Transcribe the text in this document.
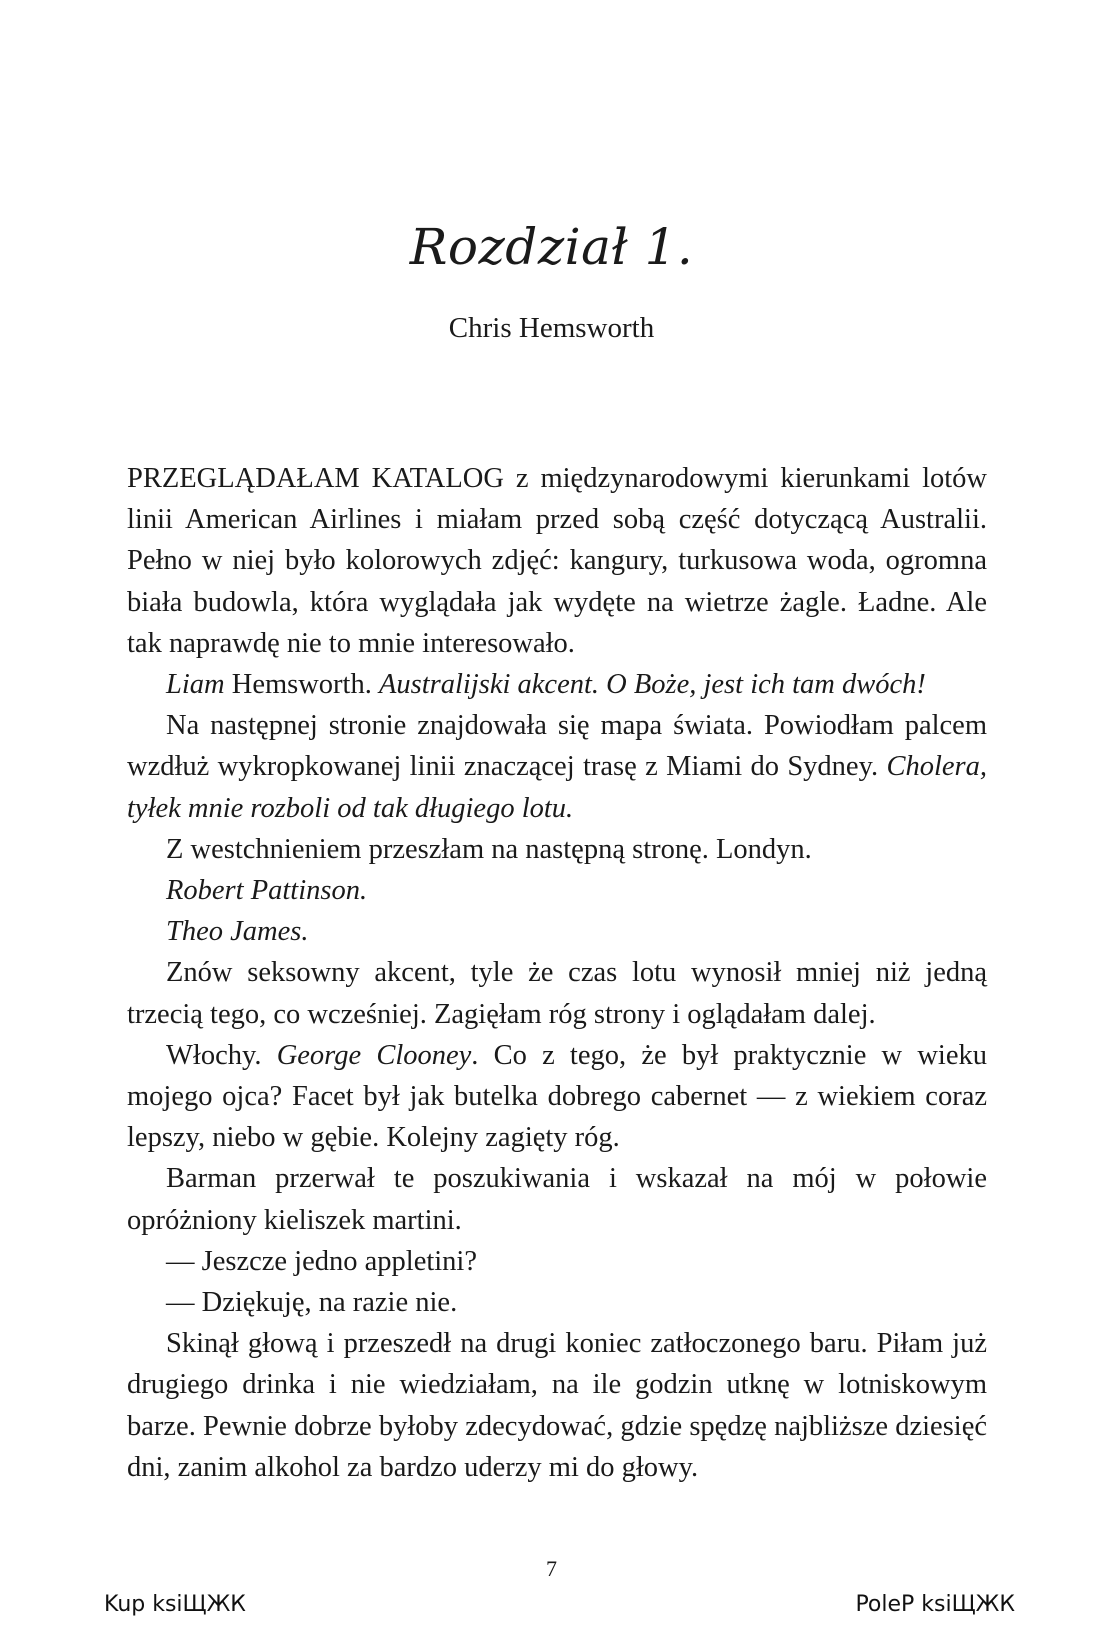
Rozdział 1.
Chris Hemsworth

PRZEGLĄDAŁAM KATALOG z międzynarodowymi kierunkami lotów linii American Airlines i miałam przed sobą część dotyczącą Australii. Pełno w niej było kolorowych zdjęć: kangury, turkusowa woda, ogromna biała budowla, która wyglądała jak wydęte na wietrze żagle. Ładne. Ale tak naprawdę nie to mnie interesowało.

Liam Hemsworth. Australijski akcent. O Boże, jest ich tam dwóch!

Na następnej stronie znajdowała się mapa świata. Powiodłam palcem wzdłuż wykropkowanej linii znaczącej trasę z Miami do Sydney. Cholera, tyłek mnie rozboli od tak długiego lotu.

Z westchnieniem przeszłam na następną stronę. Londyn.

Robert Pattinson.

Theo James.

Znów seksowny akcent, tyle że czas lotu wynosił mniej niż jedną trzecią tego, co wcześniej. Zagięłam róg strony i oglądałam dalej.

Włochy. George Clooney. Co z tego, że był praktycznie w wieku mojego ojca? Facet był jak butelka dobrego cabernet — z wiekiem coraz lepszy, niebo w gębie. Kolejny zagięty róg.

Barman przerwał te poszukiwania i wskazał na mój w połowie opróżniony kieliszek martini.

— Jeszcze jedno appletini?

— Dziękuję, na razie nie.

Skinął głową i przeszedł na drugi koniec zatłoczonego baru. Piłam już drugiego drinka i nie wiedziałam, na ile godzin utknę w lotniskowym barze. Pewnie dobrze byłoby zdecydować, gdzie spędzę najbliższe dziesięć dni, zanim alkohol za bardzo uderzy mi do głowy.

7
Kup ksiЩЖК	PoleР ksiЩЖК
